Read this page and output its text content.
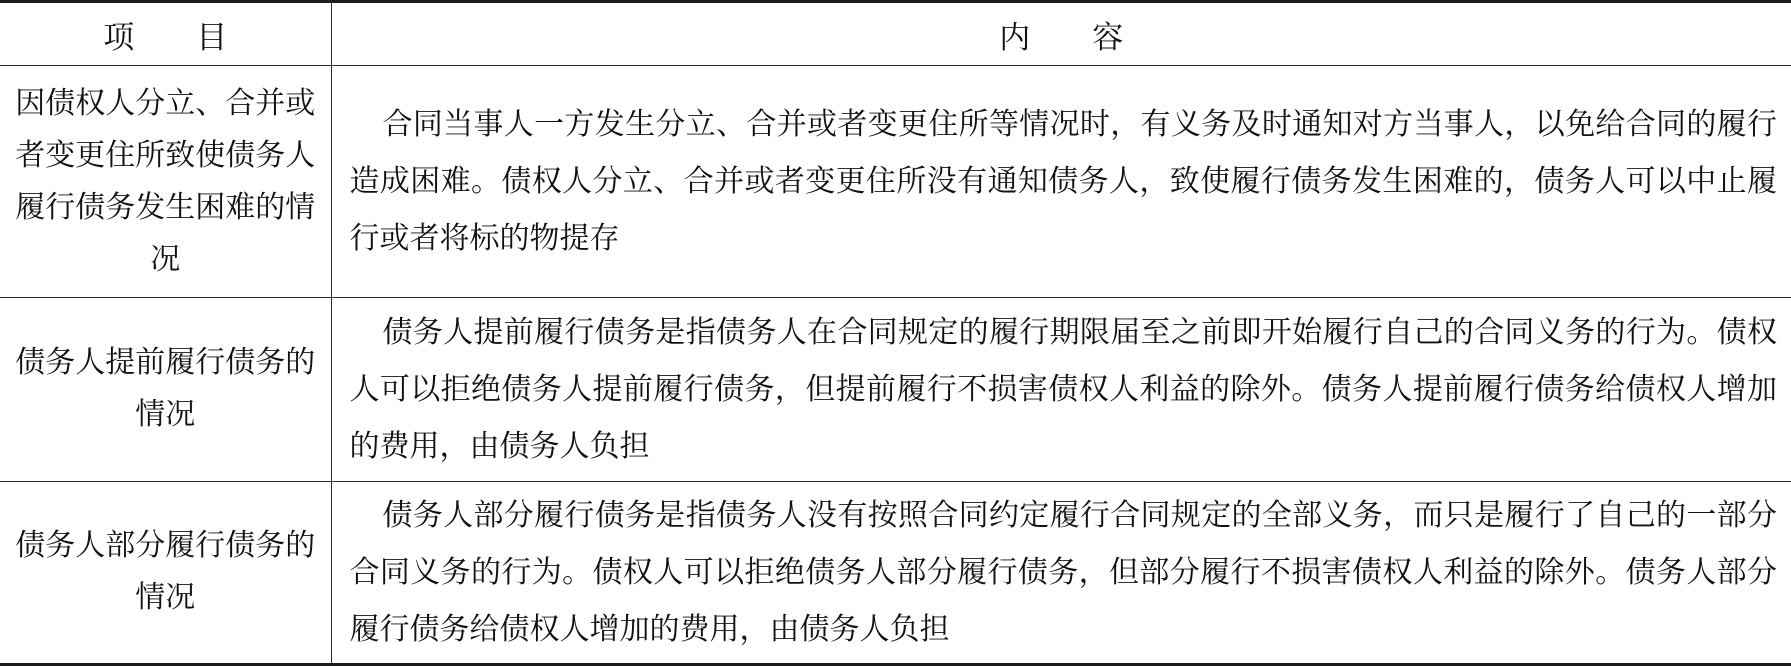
项　　目	内　　容
因债权人分立、合并或者变更住所致使债务人履行债务发生困难的情况	合同当事人一方发生分立、合并或者变更住所等情况时，有义务及时通知对方当事人，以免给合同的履行造成困难。债权人分立、合并或者变更住所没有通知债务人，致使履行债务发生困难的，债务人可以中止履行或者将标的物提存

债务人提前履行债务的情况	债务人提前履行债务是指债务人在合同规定的履行期限届至之前即开始履行自己的合同义务的行为。债权人可以拒绝债务人提前履行债务，但提前履行不损害债权人利益的除外。债务人提前履行债务给债权人增加的费用，由债务人负担

债务人部分履行债务的情况	债务人部分履行债务是指债务人没有按照合同约定履行合同规定的全部义务，而只是履行了自己的一部分合同义务的行为。债权人可以拒绝债务人部分履行债务，但部分履行不损害债权人利益的除外。债务人部分履行债务给债权人增加的费用，由债务人负担
